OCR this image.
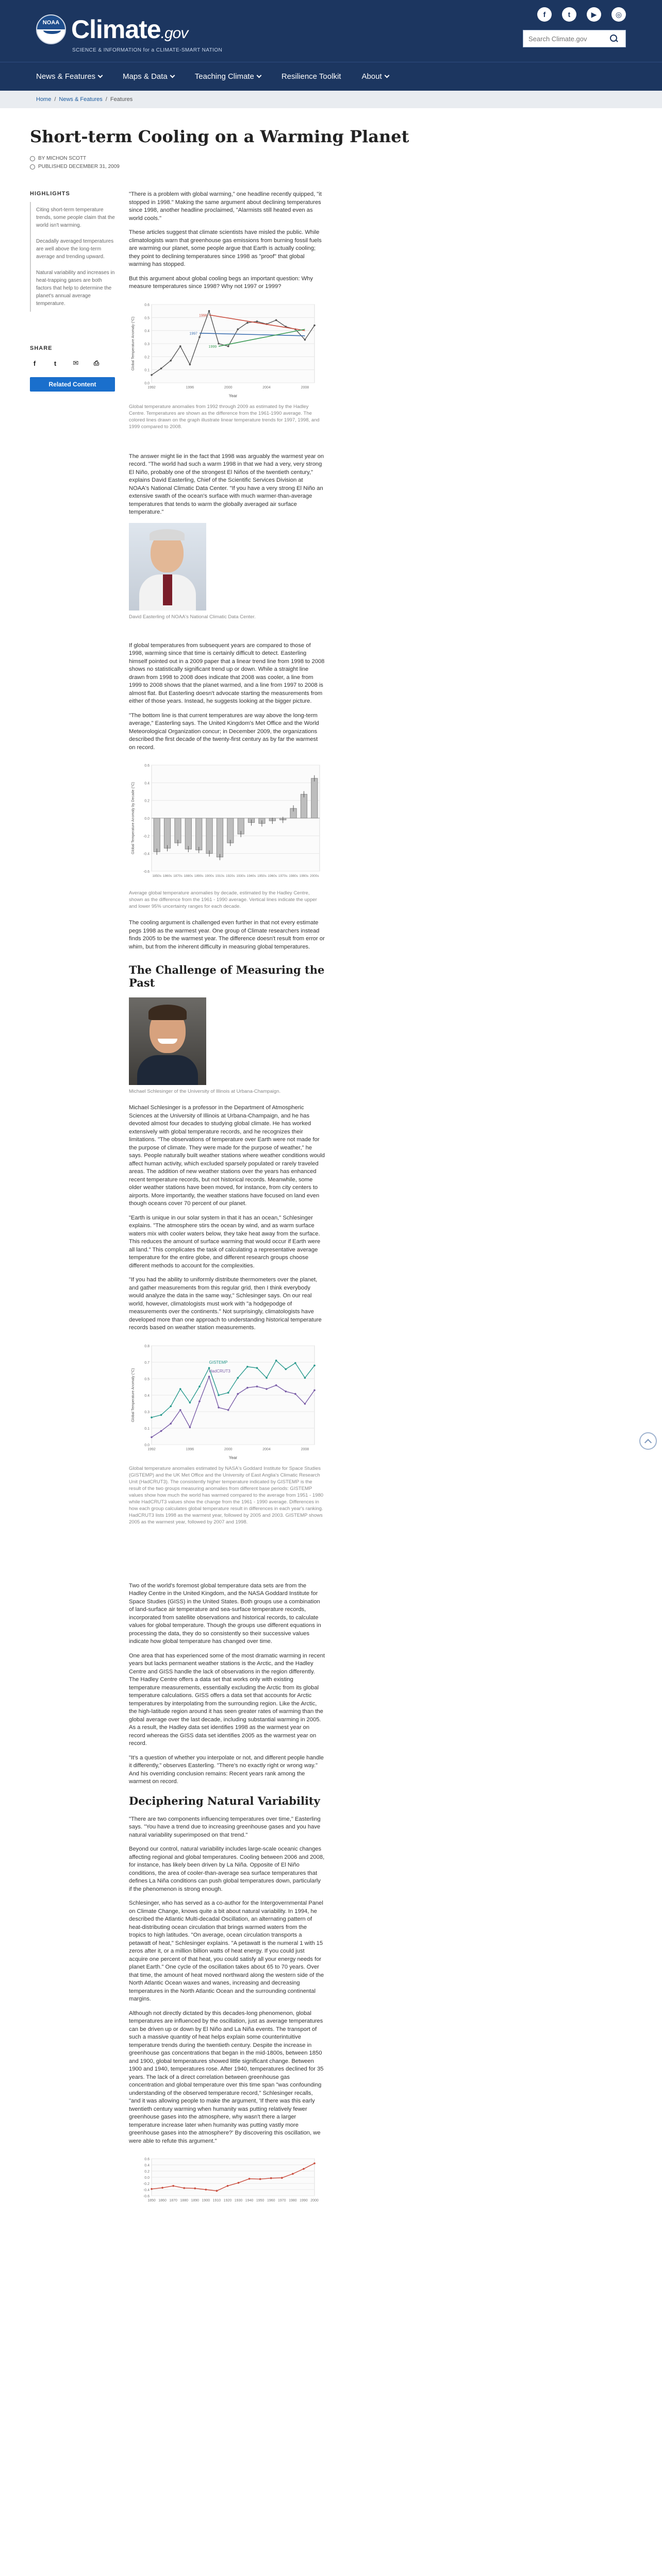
NOAA Climate.gov
SCIENCE & INFORMATION for a CLIMATE-SMART NATION
f	t	▶	◎
Search Climate.gov
News & Features	Maps & Data	Teaching Climate	Resilience Toolkit	About
Home / News & Features / Features
Short-term Cooling on a Warming Planet
BY MICHON SCOTT
PUBLISHED DECEMBER 31, 2009
HIGHLIGHTS
Citing short-term temperature trends, some people claim that the world isn't warming.
Decadally averaged temperatures are well above the long-term average and trending upward.
Natural variability and increases in heat-trapping gases are both factors that help to determine the planet's annual average temperature.
SHARE
f	t	✉ ⎙
Related Content

"There is a problem with global warming," one headline recently quipped, "it stopped in 1998." Making the same argument about declining temperatures since 1998, another headline proclaimed, "Alarmists still heated even as world cools."

These articles suggest that climate scientists have misled the public. While climatologists warn that greenhouse gas emissions from burning fossil fuels are warming our planet, some people argue that Earth is actually cooling; they point to declining temperatures since 1998 as "proof" that global warming has stopped.

But this argument about global cooling begs an important question: Why measure temperatures since 1998? Why not 1997 or 1999?

0.0
0.1
0.2
0.3
0.4
0.5
0.6
1992	1996	2000	2004	2008
Global Temperature Anomaly (°C)
Year
1997
1998
1999
Global temperature anomalies from 1992 through 2009 as estimated by the Hadley Centre. Temperatures are shown as the difference from the 1961-1990 average. The colored lines drawn on the graph illustrate linear temperature trends for 1997, 1998, and 1999 compared to 2008.

The answer might lie in the fact that 1998 was arguably the warmest year on record. "The world had such a warm 1998 in that we had a very, very strong El Niño, probably one of the strongest El Niños of the twentieth century," explains David Easterling, Chief of the Scientific Services Division at NOAA's National Climatic Data Center. "If you have a very strong El Niño an extensive swath of the ocean's surface with much warmer-than-average temperatures that tends to warm the globally averaged air surface temperature."

David Easterling of NOAA's National Climatic Data Center.

If global temperatures from subsequent years are compared to those of 1998, warming since that time is certainly difficult to detect. Easterling himself pointed out in a 2009 paper that a linear trend line from 1998 to 2008 shows no statistically significant trend up or down. While a straight line drawn from 1998 to 2008 does indicate that 2008 was cooler, a line from 1999 to 2008 shows that the planet warmed, and a line from 1997 to 2008 is almost flat. But Easterling doesn't advocate starting the measurements from either of those years. Instead, he suggests looking at the bigger picture.

"The bottom line is that current temperatures are way above the long-term average," Easterling says. The United Kingdom's Met Office and the World Meteorological Organization concur; in December 2009, the organizations described the first decade of the twenty-first century as by far the warmest on record.

-0.6
-0.4
-0.2
0.0
0.2
0.4
0.6
1850s 1860s 1870s 1880s 1890s 1900s 1910s 1920s 1930s 1940s 1950s 1960s 1970s 1980s 1990s 2000s
Global Temperature Anomaly by Decade (°C)
Average global temperature anomalies by decade, estimated by the Hadley Centre, shown as the difference from the 1961 - 1990 average. Vertical lines indicate the upper and lower 95% uncertainty ranges for each decade.

The cooling argument is challenged even further in that not every estimate pegs 1998 as the warmest year. One group of Climate researchers instead finds 2005 to be the warmest year. The difference doesn't result from error or whim, but from the inherent difficulty in measuring global temperatures.

The Challenge of Measuring the Past
Michael Schlesinger of the University of Illinois at Urbana-Champaign.

Michael Schlesinger is a professor in the Department of Atmospheric Sciences at the University of Illinois at Urbana-Champaign, and he has devoted almost four decades to studying global climate. He has worked extensively with global temperature records, and he recognizes their limitations. "The observations of temperature over Earth were not made for the purpose of climate. They were made for the purpose of weather," he says. People naturally built weather stations where weather conditions would affect human activity, which excluded sparsely populated or rarely traveled areas. The addition of new weather stations over the years has enhanced recent temperature records, but not historical records. Meanwhile, some older weather stations have been moved, for instance, from city centers to airports. More importantly, the weather stations have focused on land even though oceans cover 70 percent of our planet.

"Earth is unique in our solar system in that it has an ocean," Schlesinger explains. "The atmosphere stirs the ocean by wind, and as warm surface waters mix with cooler waters below, they take heat away from the surface. This reduces the amount of surface warming that would occur if Earth were all land." This complicates the task of calculating a representative average temperature for the entire globe, and different research groups choose different methods to account for the complexities.

"If you had the ability to uniformly distribute thermometers over the planet, and gather measurements from this regular grid, then I think everybody would analyze the data in the same way," Schlesinger says. On our real world, however, climatologists must work with "a hodgepodge of measurements over the continents." Not surprisingly, climatologists have developed more than one approach to understanding historical temperature records based on weather station measurements.

0.0
0.1
0.3
0.4
0.5
0.7
0.8
1992	1996	2000	2004	2008
Global Temperature Anomaly (°C)
Year
GISTEMP
HadCRUT3
Global temperature anomalies estimated by NASA's Goddard Institute for Space Studies (GISTEMP) and the UK Met Office and the University of East Anglia's Climatic Research Unit (HadCRUT3). The consistently higher temperature indicated by GISTEMP is the result of the two groups measuring anomalies from different base periods: GISTEMP values show how much the world has warmed compared to the average from 1951 - 1980 while HadCRUT3 values show the change from the 1961 - 1990 average. Differences in how each group calculates global temperature result in differences in each year's ranking. HadCRUT3 lists 1998 as the warmest year, followed by 2005 and 2003. GISTEMP shows 2005 as the warmest year, followed by 2007 and 1998.

Two of the world's foremost global temperature data sets are from the Hadley Centre in the United Kingdom, and the NASA Goddard Institute for Space Studies (GISS) in the United States. Both groups use a combination of land-surface air temperature and sea-surface temperature records, incorporated from satellite observations and historical records, to calculate values for global temperature. Though the groups use different equations in processing the data, they do so consistently so their successive values indicate how global temperature has changed over time.

One area that has experienced some of the most dramatic warming in recent years but lacks permanent weather stations is the Arctic, and the Hadley Centre and GISS handle the lack of observations in the region differently. The Hadley Centre offers a data set that works only with existing temperature measurements, essentially excluding the Arctic from its global temperature calculations. GISS offers a data set that accounts for Arctic temperatures by interpolating from the surrounding region. Like the Arctic, the high-latitude region around it has seen greater rates of warming than the global average over the last decade, including substantial warming in 2005. As a result, the Hadley data set identifies 1998 as the warmest year on record whereas the GISS data set identifies 2005 as the warmest year on record.

"It's a question of whether you interpolate or not, and different people handle it differently," observes Easterling. "There's no exactly right or wrong way." And his overriding conclusion remains: Recent years rank among the warmest on record.

Deciphering Natural Variability

"There are two components influencing temperatures over time," Easterling says. "You have a trend due to increasing greenhouse gases and you have natural variability superimposed on that trend."

Beyond our control, natural variability includes large-scale oceanic changes affecting regional and global temperatures. Cooling between 2006 and 2008, for instance, has likely been driven by La Niña. Opposite of El Niño conditions, the area of cooler-than-average sea surface temperatures that defines La Niña conditions can push global temperatures down, particularly if the phenomenon is strong enough.

Schlesinger, who has served as a co-author for the Intergovernmental Panel on Climate Change, knows quite a bit about natural variability. In 1994, he described the Atlantic Multi-decadal Oscillation, an alternating pattern of heat-distributing ocean circulation that brings warmed waters from the tropics to high latitudes. "On average, ocean circulation transports a petawatt of heat," Schlesinger explains. "A petawatt is the numeral 1 with 15 zeros after it, or a million billion watts of heat energy. If you could just acquire one percent of that heat, you could satisfy all your energy needs for planet Earth." One cycle of the oscillation takes about 65 to 70 years. Over that time, the amount of heat moved northward along the western side of the North Atlantic Ocean waxes and wanes, increasing and decreasing temperatures in the North Atlantic Ocean and the surrounding continental margins.

Although not directly dictated by this decades-long phenomenon, global temperatures are influenced by the oscillation, just as average temperatures can be driven up or down by El Niño and La Niña events. The transport of such a massive quantity of heat helps explain some counterintuitive temperature trends during the twentieth century. Despite the increase in greenhouse gas concentrations that began in the mid-1800s, between 1850 and 1900, global temperatures showed little significant change. Between 1900 and 1940, temperatures rose. After 1940, temperatures declined for 35 years. The lack of a direct correlation between greenhouse gas concentration and global temperature over this time span "was confounding understanding of the observed temperature record," Schlesinger recalls, "and it was allowing people to make the argument, 'If there was this early twentieth century warming when humanity was putting relatively fewer greenhouse gases into the atmosphere, why wasn't there a larger temperature increase later when humanity was putting vastly more greenhouse gases into the atmosphere?' By discovering this oscillation, we were able to refute this argument."

-0.6
-0.4
-0.2
0.0
0.2
0.4
0.6
1850 1860 1870 1880 1890 1900 1910 1920 1930 1940 1950 1960 1970 1980 1990 2000
